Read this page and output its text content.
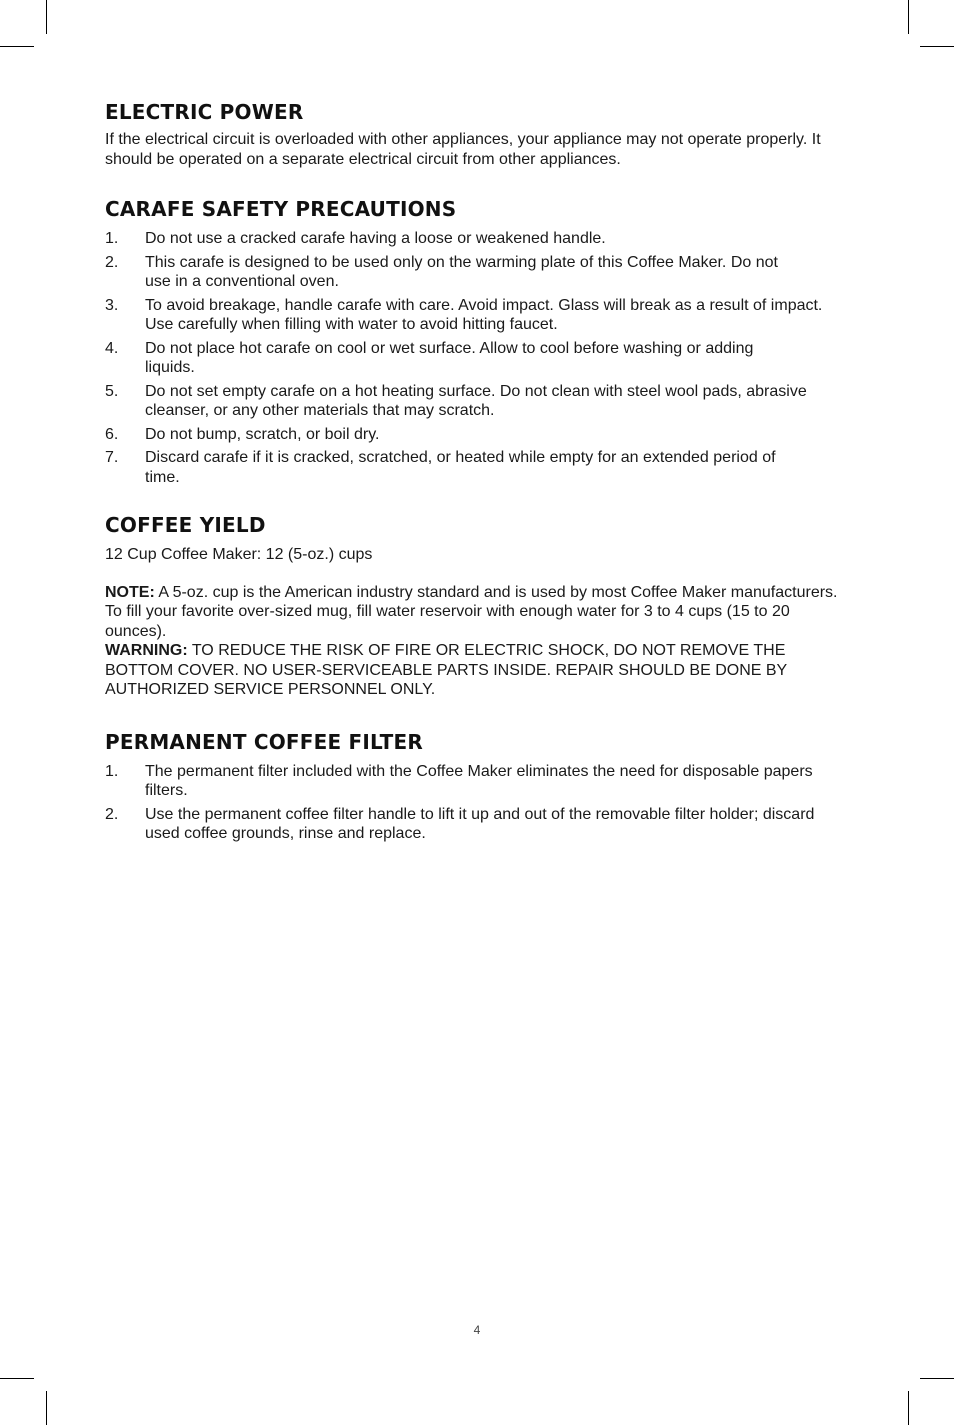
ELECTRIC POWER

If the electrical circuit is overloaded with other appliances, your appliance may not operate properly. It should be operated on a separate electrical circuit from other appliances.

CARAFE SAFETY PRECAUTIONS
1.	Do not use a cracked carafe having a loose or weakened handle.
2.	This carafe is designed to be used only on the warming plate of this Coffee Maker. Do not use in a conventional oven.
3.	To avoid breakage, handle carafe with care. Avoid impact. Glass will break as a result of impact. Use carefully when filling with water to avoid hitting faucet.
4.	Do not place hot carafe on cool or wet surface. Allow to cool before washing or adding liquids.
5.	Do not set empty carafe on a hot heating surface. Do not clean with steel wool pads, abrasive cleanser, or any other materials that may scratch.
6.	Do not bump, scratch, or boil dry.
7.	Discard carafe if it is cracked, scratched, or heated while empty for an extended period of time.
COFFEE YIELD

12 Cup Coffee Maker: 12 (5-oz.) cups

NOTE: A 5-oz. cup is the American industry standard and is used by most Coffee Maker manufacturers. To fill your favorite over-sized mug, fill water reservoir with enough water for 3 to 4 cups (15 to 20 ounces).

WARNING: TO REDUCE THE RISK OF FIRE OR ELECTRIC SHOCK, DO NOT REMOVE THE BOTTOM COVER. NO USER-SERVICEABLE PARTS INSIDE. REPAIR SHOULD BE DONE BY AUTHORIZED SERVICE PERSONNEL ONLY.

PERMANENT COFFEE FILTER
1.	The permanent filter included with the Coffee Maker eliminates the need for disposable papers filters.
2.	Use the permanent coffee filter handle to lift it up and out of the removable filter holder; discard used coffee grounds, rinse and replace.
4
